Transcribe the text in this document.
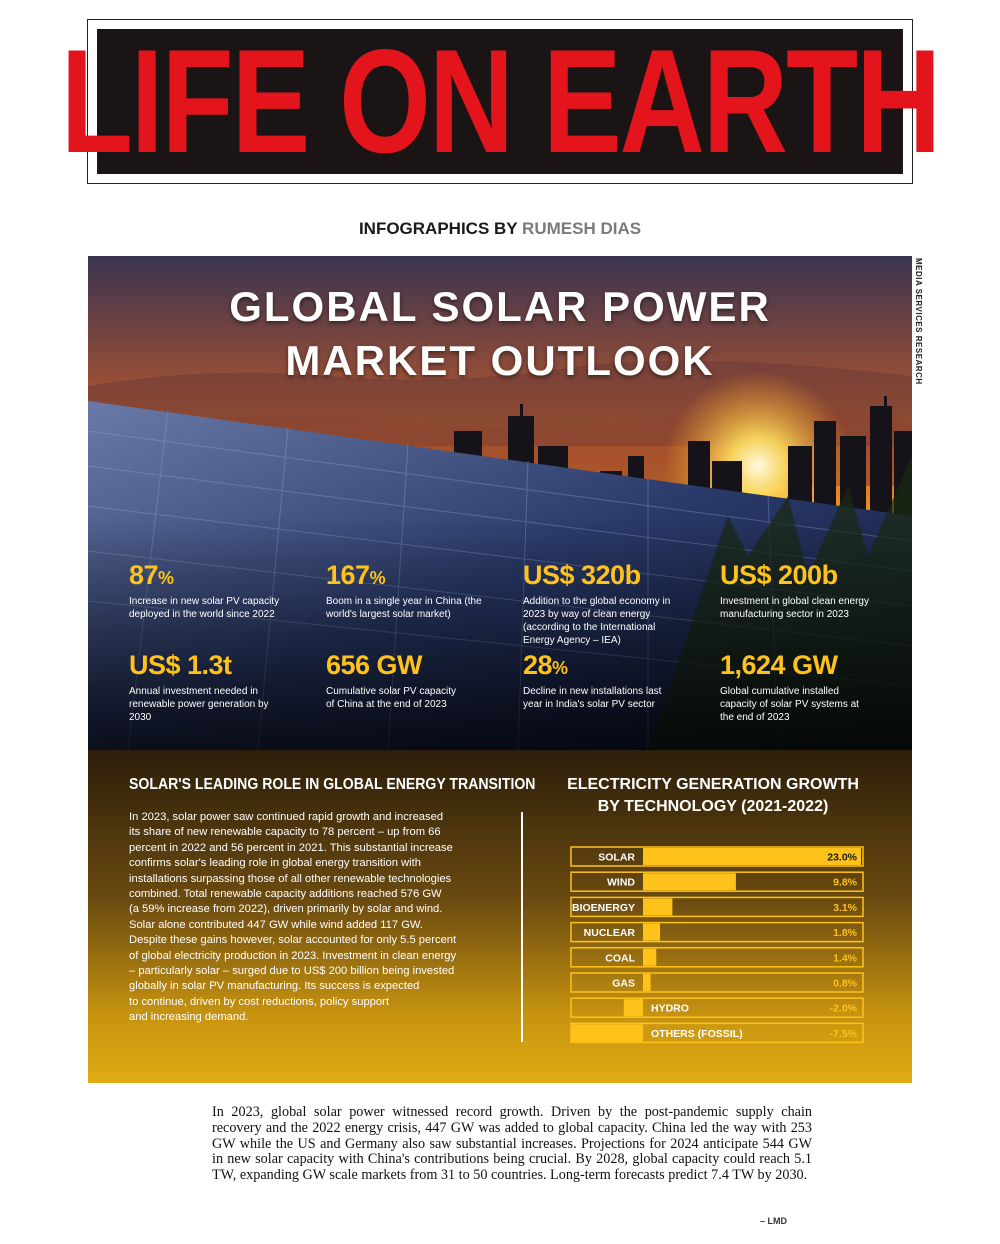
LIFE ON EARTH
INFOGRAPHICS BY RUMESH DIAS
MEDIA SERVICES RESEARCH
GLOBAL SOLAR POWER
MARKET OUTLOOK
87%
Increase in new solar PV capacity deployed in the world since 2022
167%
Boom in a single year in China (the world's largest solar market)
US$ 320b
Addition to the global economy in 2023 by way of clean energy (according to the International Energy Agency – IEA)
US$ 200b
Investment in global clean energy manufacturing sector in 2023
US$ 1.3t
Annual investment needed in renewable power generation by 2030
656 GW
Cumulative solar PV capacity of China at the end of 2023
28%
Decline in new installations last year in India's solar PV sector
1,624 GW
Global cumulative installed capacity of solar PV systems at the end of 2023
SOLAR'S LEADING ROLE IN GLOBAL ENERGY TRANSITION
In 2023, solar power saw continued rapid growth and increased
its share of new renewable capacity to 78 percent – up from 66
percent in 2022 and 56 percent in 2021. This substantial increase
confirms solar's leading role in global energy transition with
installations surpassing those of all other renewable technologies
combined. Total renewable capacity additions reached 576 GW
(a 59% increase from 2022), driven primarily by solar and wind.
Solar alone contributed 447 GW while wind added 117 GW.
Despite these gains however, solar accounted for only 5.5 percent
of global electricity production in 2023. Investment in clean energy
– particularly solar – surged due to US$ 200 billion being invested
globally in solar PV manufacturing. Its success is expected
to continue, driven by cost reductions, policy support
and increasing demand.
ELECTRICITY GENERATION GROWTH
BY TECHNOLOGY (2021-2022)
SOLAR	23.0%
WIND	9.8%
BIOENERGY	3.1%
NUCLEAR	1.8%
COAL	1.4%
GAS	0.8%
HYDRO	-2.0%
OTHERS (FOSSIL)	-7.5%
In 2023, global solar power witnessed record growth. Driven by the post-pandemic supply chain recovery and the 2022 energy crisis, 447 GW was added to global capacity. China led the way with 253 GW while the US and Germany also saw substantial increases. Projections for 2024 anticipate 544 GW in new solar capacity with China's contributions being crucial. By 2028, global capacity could reach 5.1 TW, expanding GW scale markets from 31 to 50 countries. Long-term forecasts predict 7.4 TW by 2030.
– LMD
